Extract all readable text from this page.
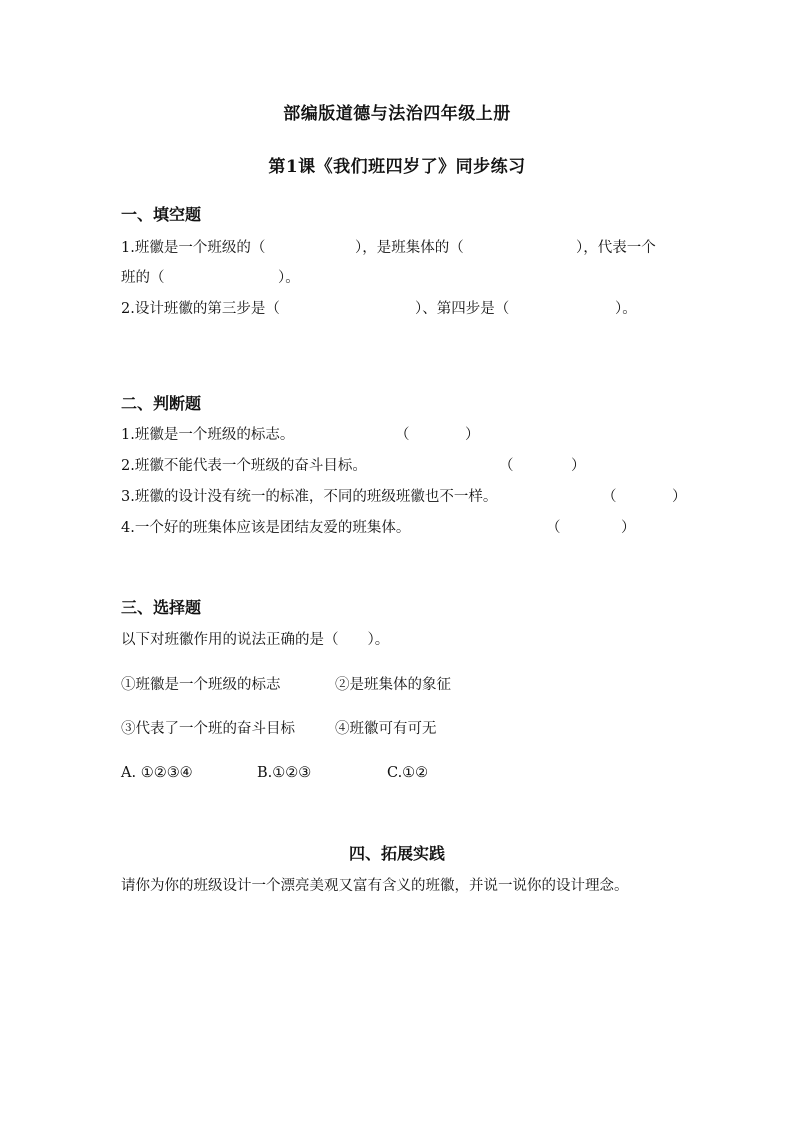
部编版道德与法治四年级上册
第1课《我们班四岁了》同步练习
一、填空题
1.班徽是一个班级的（	），是班集体的（	），代表一个
班的（	）。
2.设计班徽的第三步是（	）、第四步是（	）。
二、判断题
1.班徽是一个班级的标志。	（	）
2.班徽不能代表一个班级的奋斗目标。	（	）
3.班徽的设计没有统一的标准，不同的班级班徽也不一样。	（	）
4.一个好的班集体应该是团结友爱的班集体。	（	）
三、选择题
以下对班徽作用的说法正确的是（　　）。
①班徽是一个班级的标志	②是班集体的象征
③代表了一个班的奋斗目标	④班徽可有可无
A. ①②③④	B.①②③	C.①②
四、拓展实践
请你为你的班级设计一个漂亮美观又富有含义的班徽，并说一说你的设计理念。
